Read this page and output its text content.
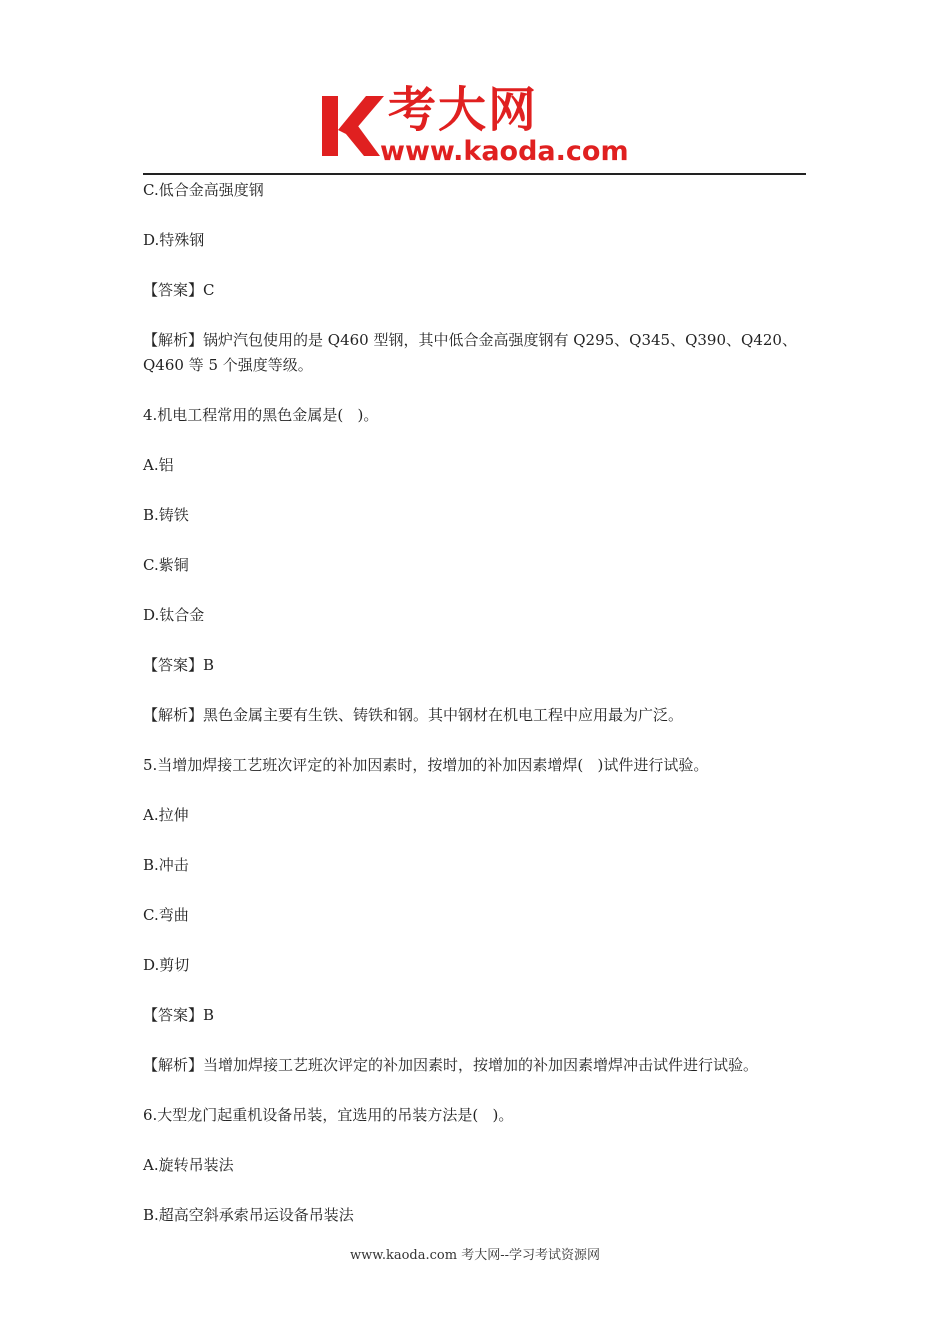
考大网
www.kaoda.com

C.低合金高强度钢

D.特殊钢

【答案】C

【解析】锅炉汽包使用的是 Q460 型钢，其中低合金高强度钢有 Q295、Q345、Q390、Q420、Q460 等 5 个强度等级。

4.机电工程常用的黑色金属是(   )。

A.铝

B.铸铁

C.紫铜

D.钛合金

【答案】B

【解析】黑色金属主要有生铁、铸铁和钢。其中钢材在机电工程中应用最为广泛。

5.当增加焊接工艺班次评定的补加因素时，按增加的补加因素增焊(   )试件进行试验。

A.拉伸

B.冲击

C.弯曲

D.剪切

【答案】B

【解析】当增加焊接工艺班次评定的补加因素时，按增加的补加因素增焊冲击试件进行试验。

6.大型龙门起重机设备吊装，宜选用的吊装方法是(   )。

A.旋转吊装法

B.超高空斜承索吊运设备吊装法

www.kaoda.com 考大网--学习考试资源网
